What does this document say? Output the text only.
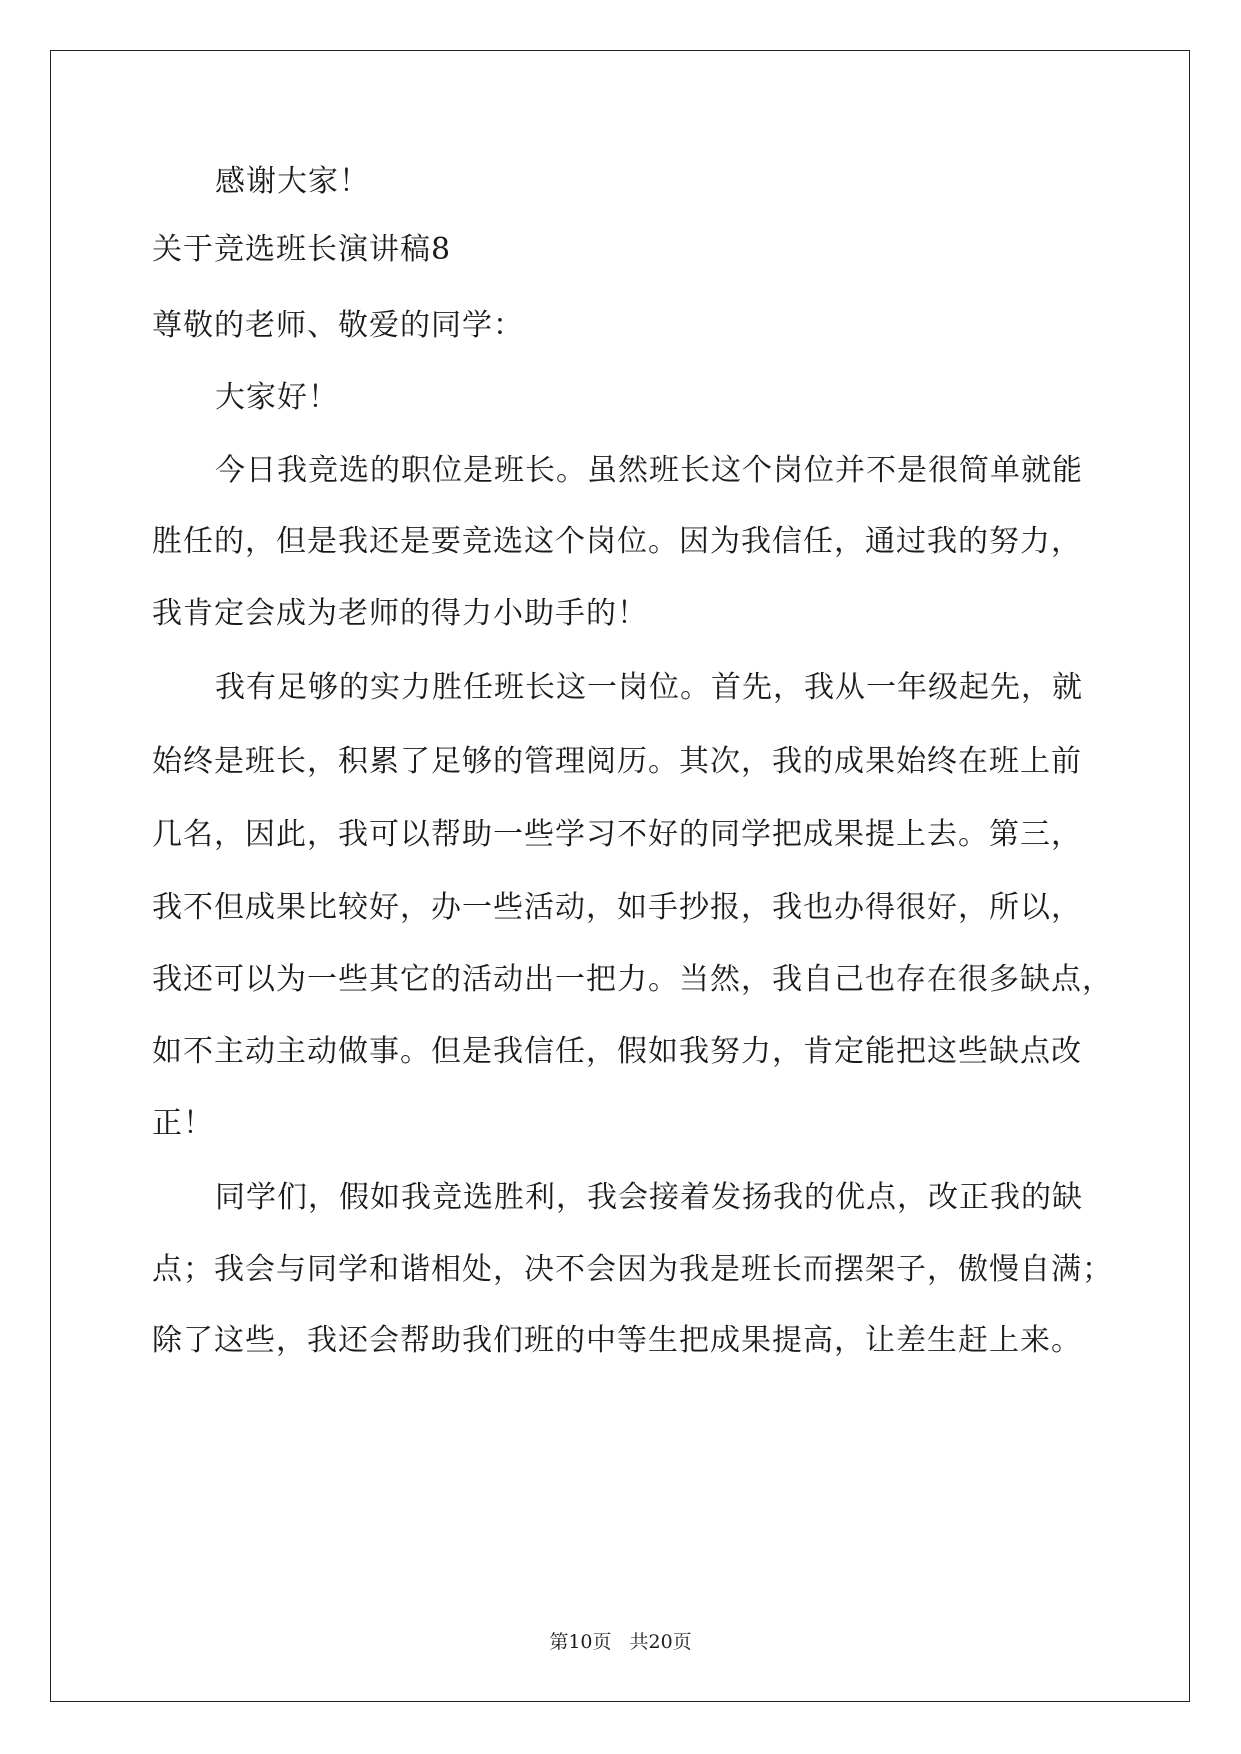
感谢大家！
关于竞选班长演讲稿8
尊敬的老师、敬爱的同学：
大家好！
今日我竞选的职位是班长。虽然班长这个岗位并不是很简单就能
胜任的，但是我还是要竞选这个岗位。因为我信任，通过我的努力，
我肯定会成为老师的得力小助手的！
我有足够的实力胜任班长这一岗位。首先，我从一年级起先，就
始终是班长，积累了足够的管理阅历。其次，我的成果始终在班上前
几名，因此，我可以帮助一些学习不好的同学把成果提上去。第三，
我不但成果比较好，办一些活动，如手抄报，我也办得很好，所以，
我还可以为一些其它的活动出一把力。当然，我自己也存在很多缺点，
如不主动主动做事。但是我信任，假如我努力，肯定能把这些缺点改
正！
同学们，假如我竞选胜利，我会接着发扬我的优点，改正我的缺
点；我会与同学和谐相处，决不会因为我是班长而摆架子，傲慢自满；
除了这些，我还会帮助我们班的中等生把成果提高，让差生赶上来。
第10页 共20页
